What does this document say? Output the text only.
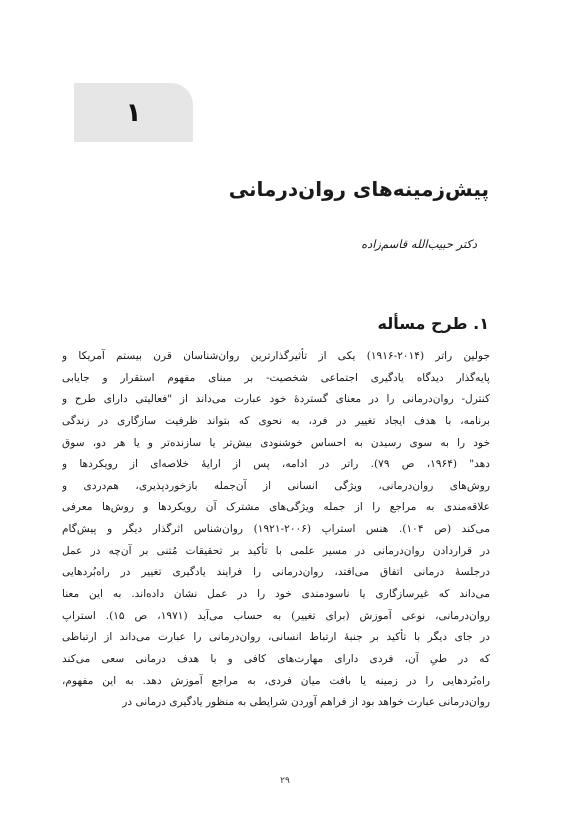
۱
پیش‌زمینه‌های روان‌درمانی
دکتر حبیب‌الله قاسم‌زاده
۱. طرح مسأله
جولین راتر (۲۰۱۴-۱۹۱۶) یکی از تأثیرگذارترین روان‌شناسان قرن بیستم آمریکا و
پایه‌گذار دیدگاه یادگیری اجتماعی شخصیت- بر مبنای مفهوم استقرار و جایابی
کنترل- روان‌درمانی را در معنای گستردهٔ خود عبارت می‌داند از "فعالیتی دارای طرح و
برنامه، با هدف ایجاد تغییر در فرد، به نحوی که بتواند ظرفیت سازگاری در زندگی
خود را به سوی رسیدن به احساس خوشنودی بیش‌تر یا سازنده‌تر و یا هر دو، سوق
دهد" (۱۹۶۴، ص ۷۹). راتر در ادامه، پس از ارایهٔ خلاصه‌ای از رویکردها و
روش‌های روان‌درمانی، ویژگی انسانی از آن‌جمله بازخوردپذیری، هم‌دردی و
علاقه‌مندی به مراجع را از جمله ویژگی‌های مشترک آن رویکردها و روش‌ها معرفی
می‌کند (ص ۱۰۴). هنس استراپ (۲۰۰۶-۱۹۲۱) روان‌شناس اثرگذار دیگر و پیش‌گام
در قراردادن روان‌درمانی در مسیر علمی با تأکید بر تحقیقات مُتنی بر آن‌چه در عمل
درجلسهٔ درمانی اتفاق می‌افتد، روان‌درمانی را فرایند یادگیری تغییر در راه‌بُردهایی
می‌داند که غیرسازگاری یا ناسودمندی خود را در عمل نشان داده‌اند. به این معنا
روان‌درمانی، نوعی آموزش (برای تغییر) به حساب می‌آید (۱۹۷۱، ص ۱۵). استراپ
در جای دیگر با تأکید بر جنبهٔ ارتباط انسانی، روان‌درمانی را عبارت می‌داند از ارتباطی
که در طیِ آن، فردی دارای مهارت‌های کافی و با هدف درمانی سعی می‌کند
راه‌بُردهایی را در زمینه یا بافت میان فردی، به مراجع آموزش دهد. به این مفهوم،
روان‌درمانی عبارت خواهد بود از فراهم آوردن شرایطی به منظور یادگیری درمانی در
۲۹
